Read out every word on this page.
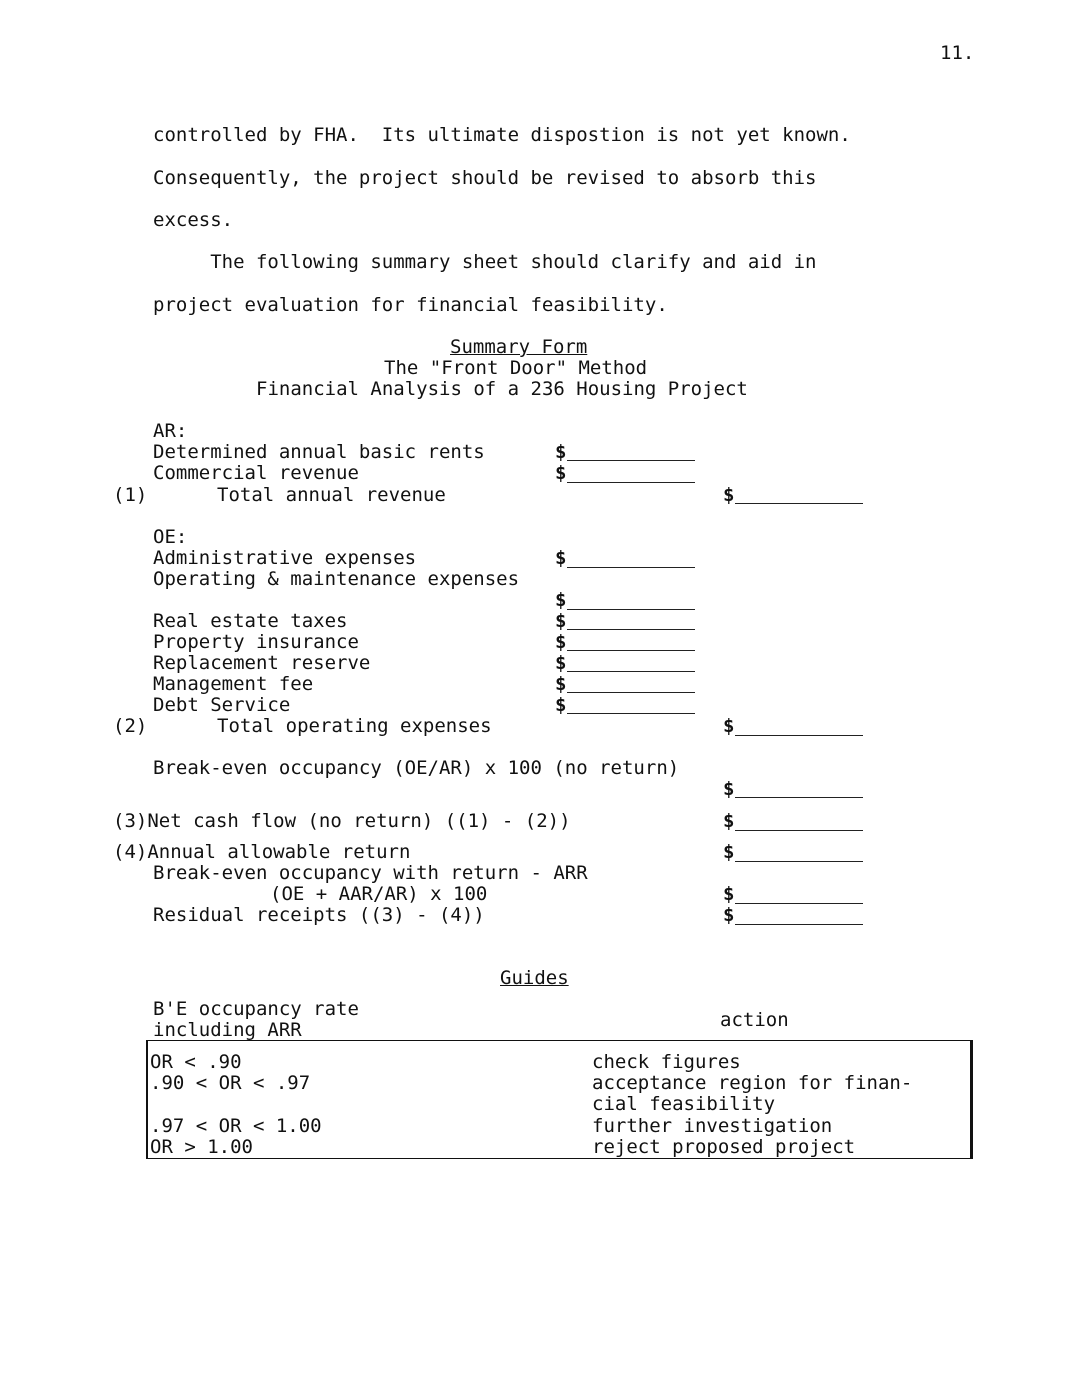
11.
controlled by FHA.  Its ultimate dispostion is not yet known.
Consequently, the project should be revised to absorb this
excess.
The following summary sheet should clarify and aid in
project evaluation for financial feasibility.
Summary Form
The "Front Door" Method
Financial Analysis of a 236 Housing Project
AR:
Determined annual basic rents	$
Commercial revenue	$
(1)	Total annual revenue	$
OE:
Administrative expenses	$
Operating & maintenance expenses
$
Real estate taxes	$
Property insurance	$
Replacement reserve	$
Management fee	$
Debt Service	$
(2)	Total operating expenses	$
Break-even occupancy (OE/AR) x 100 (no return)
$
(3)Net cash flow (no return) ((1) - (2))	$
(4)Annual allowable return	$
Break-even occupancy with return - ARR
(OE + AAR/AR) x 100	$
Residual receipts ((3) - (4))	$
Guides
B'E occupancy rate
including ARR	action
OR < .90	check figures
.90 < OR < .97	acceptance region for finan-
cial feasibility
.97 < OR < 1.00	further investigation
OR > 1.00	reject proposed project
